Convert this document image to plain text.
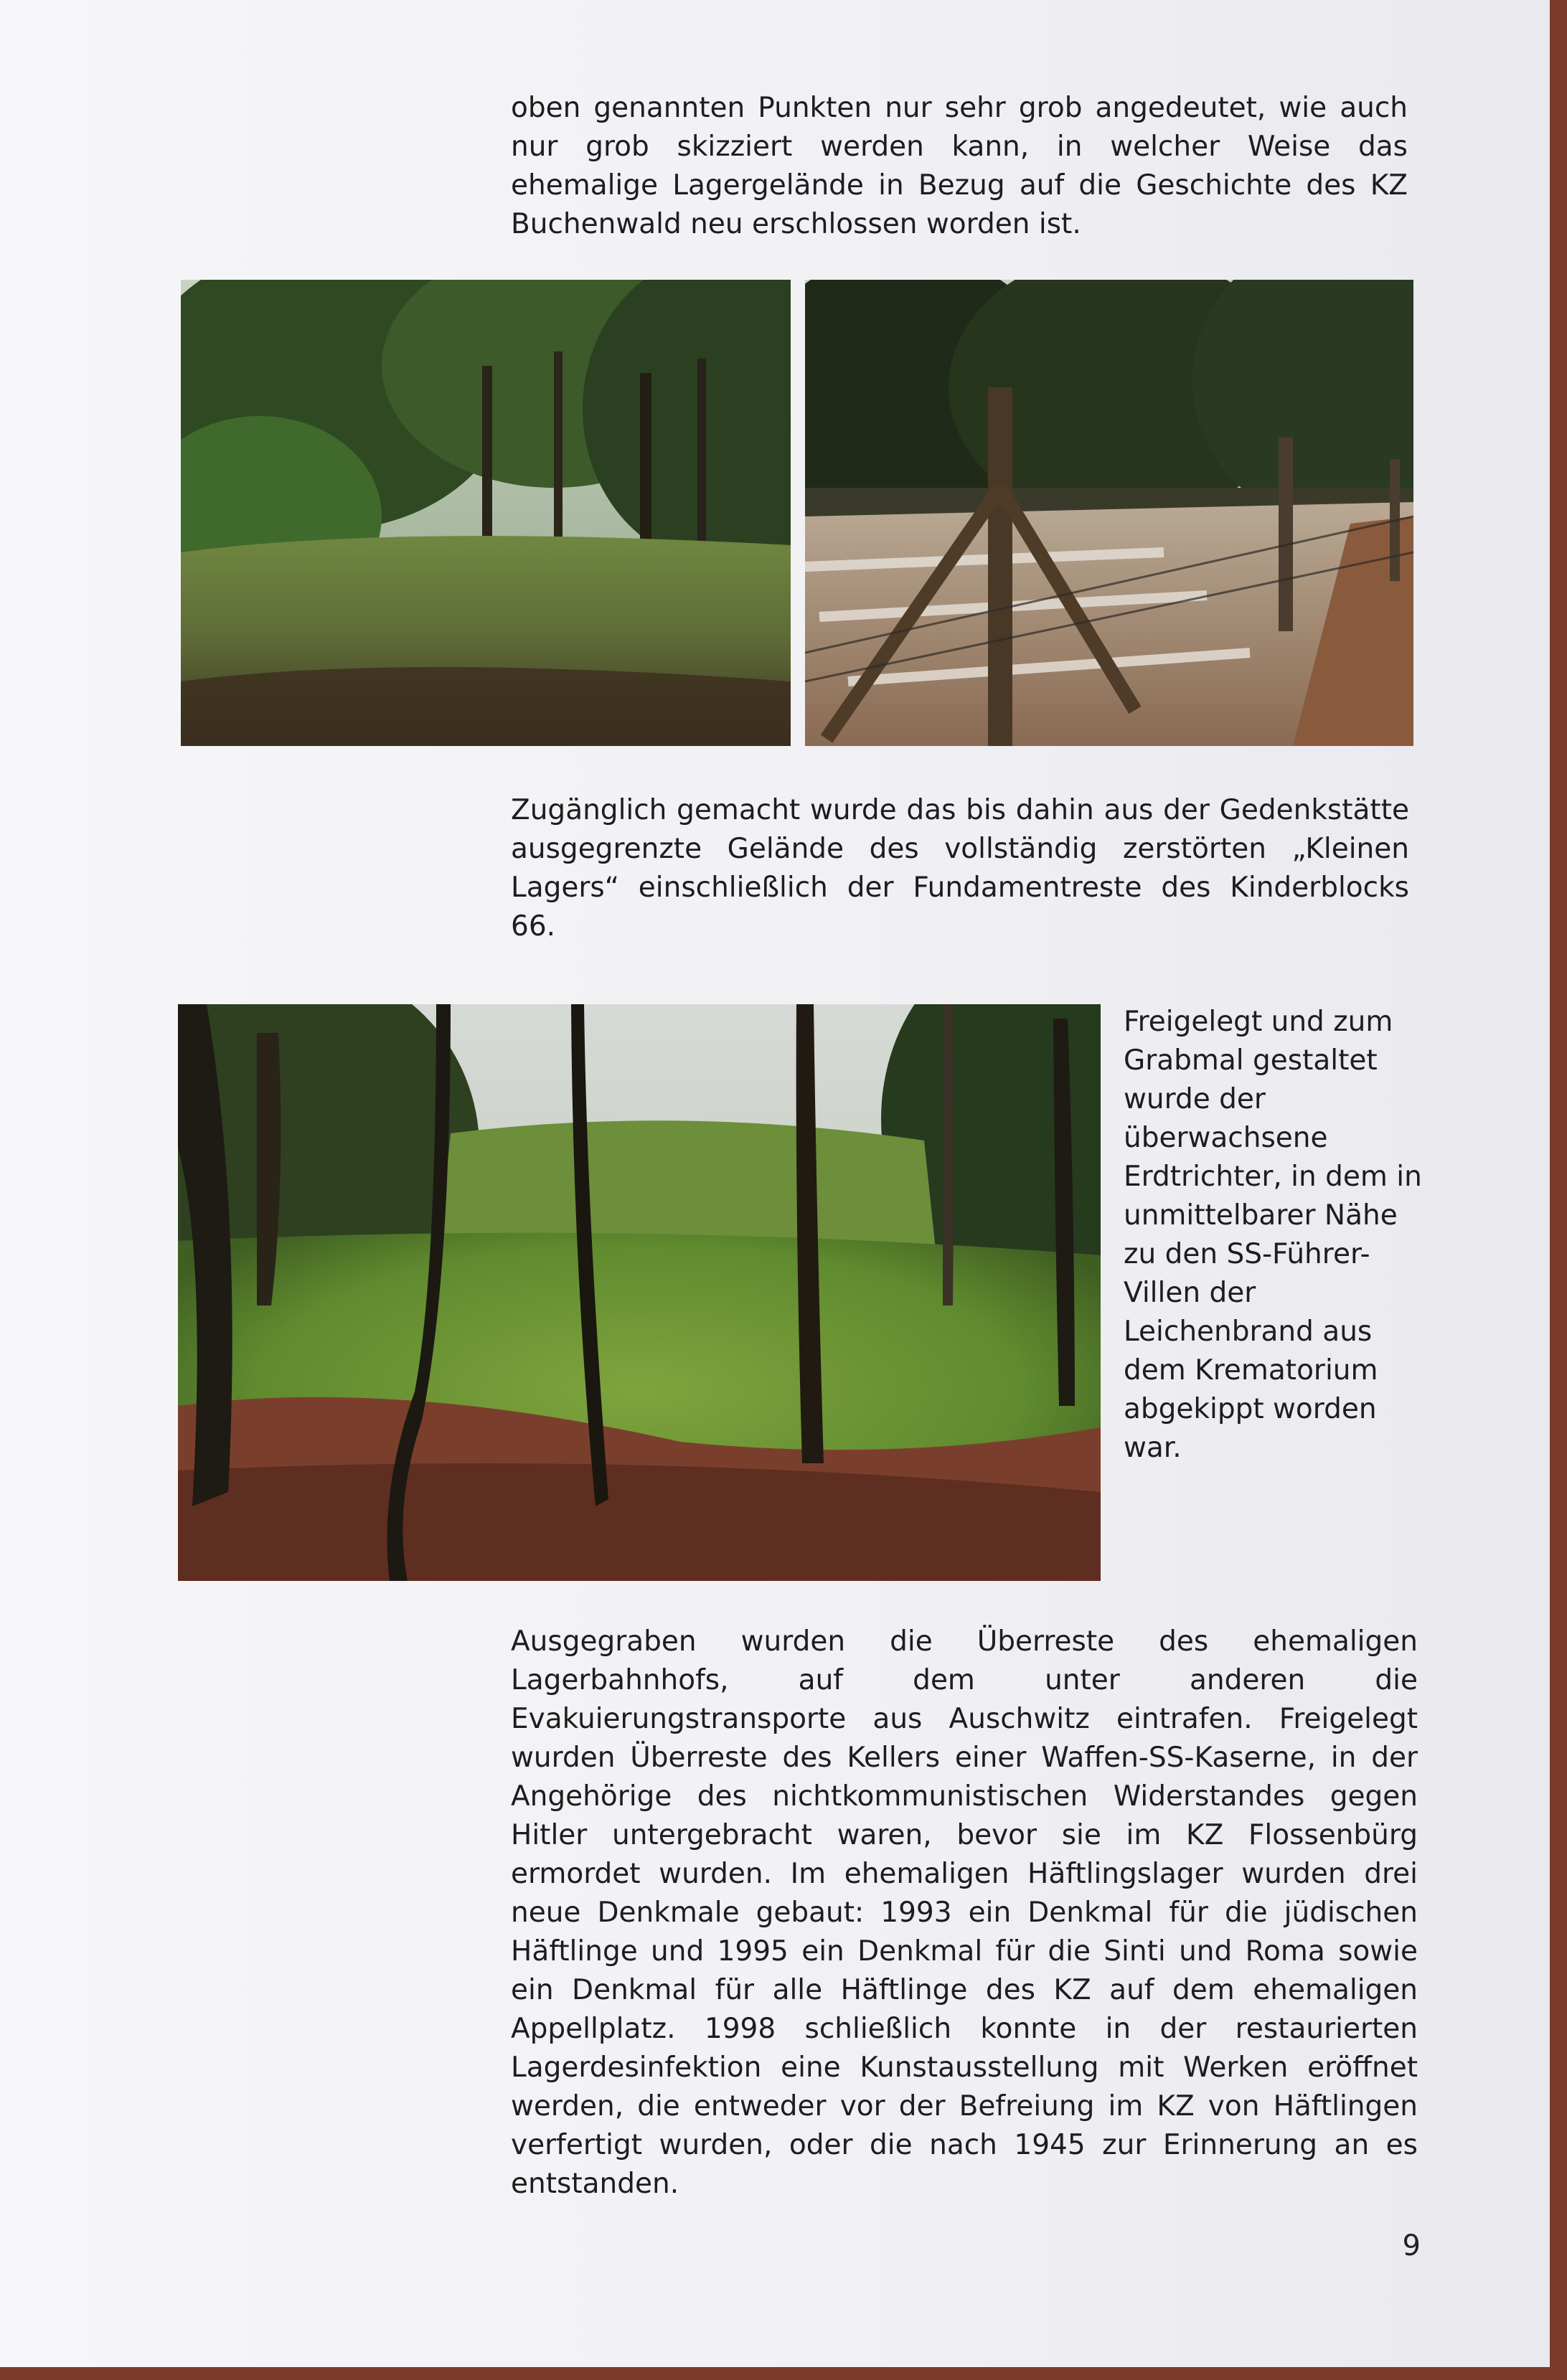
oben genannten Punkten nur sehr grob angedeutet, wie auch nur grob skizziert werden kann, in welcher Weise das ehemalige Lagergelände in Bezug auf die Geschichte des KZ Buchenwald neu erschlossen worden ist.

Zugänglich gemacht wurde das bis dahin aus der Gedenkstätte ausgegrenzte Gelände des vollständig zerstörten „Kleinen Lagers“ einschließlich der Fundamentreste des Kinderblocks 66.

Freigelegt und zum Grabmal gestaltet wurde der überwachsene Erdtrichter, in dem in unmittelbarer Nähe zu den SS-Führer-Villen der Leichenbrand aus dem Krematorium abgekippt worden war.

Ausgegraben wurden die Überreste des ehemaligen Lagerbahnhofs, auf dem unter anderen die Evakuierungstransporte aus Auschwitz eintrafen. Freigelegt wurden Überreste des Kellers einer Waffen-SS-Kaserne, in der Angehörige des nichtkommunistischen Widerstandes gegen Hitler untergebracht waren, bevor sie im KZ Flossenbürg ermordet wurden. Im ehemaligen Häftlingslager wurden drei neue Denkmale gebaut: 1993 ein Denkmal für die jüdischen Häftlinge und 1995 ein Denkmal für die Sinti und Roma sowie ein Denkmal für alle Häftlinge des KZ auf dem ehemaligen Appellplatz. 1998 schließlich konnte in der restaurierten Lagerdesinfektion eine Kunstausstellung mit Werken eröffnet werden, die entweder vor der Befreiung im KZ von Häftlingen verfertigt wurden, oder die nach 1945 zur Erinnerung an es entstanden.

9
